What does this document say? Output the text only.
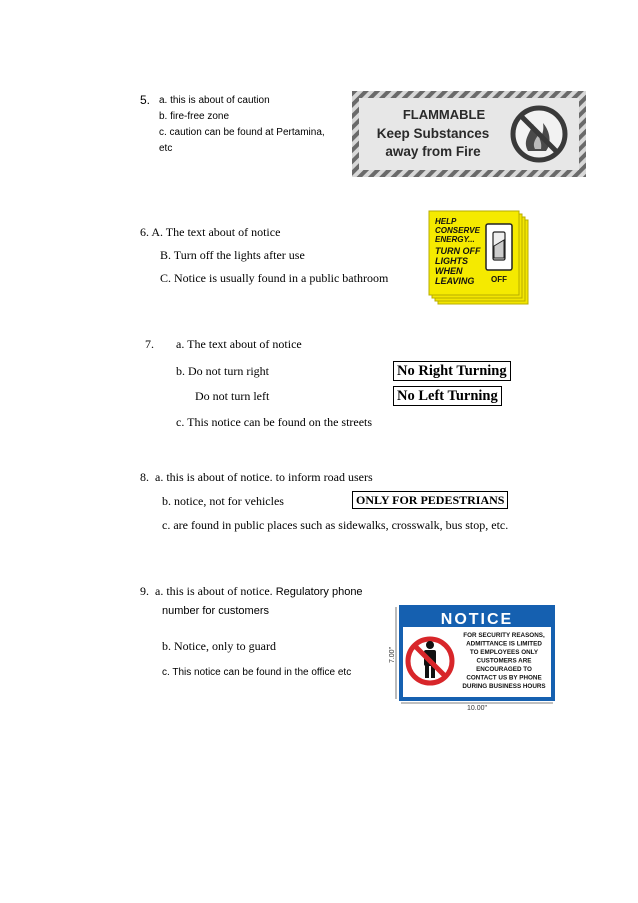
5. a. this is about of caution
b. fire-free zone
c. caution can be found at Pertamina,
etc
FLAMMABLE
Keep Substances
away from Fire
6. A. The text about of notice
B. Turn off the lights after use
C. Notice is usually found in a public bathroom
HELP
CONSERVE
ENERGY...
TURN OFF
LIGHTS
WHEN
LEAVING OFF
7. a. The text about of notice
b. Do not turn right
Do not turn left
c. This notice can be found on the streets
No Right Turning
No Left Turning
8. a. this is about of notice. to inform road users
b. notice, not for vehicles	ONLY FOR PEDESTRIANS
c. are found in public places such as sidewalks, crosswalk, bus stop, etc.
9. a. this is about of notice. Regulatory phone
number for customers
b. Notice, only to guard
c. This notice can be found in the office etc
7.00"
NOTICE
FOR SECURITY REASONS,
ADMITTANCE IS LIMITED
TO EMPLOYEES ONLY
CUSTOMERS ARE
ENCOURAGED TO
CONTACT US BY PHONE
DURING BUSINESS HOURS
10.00"
